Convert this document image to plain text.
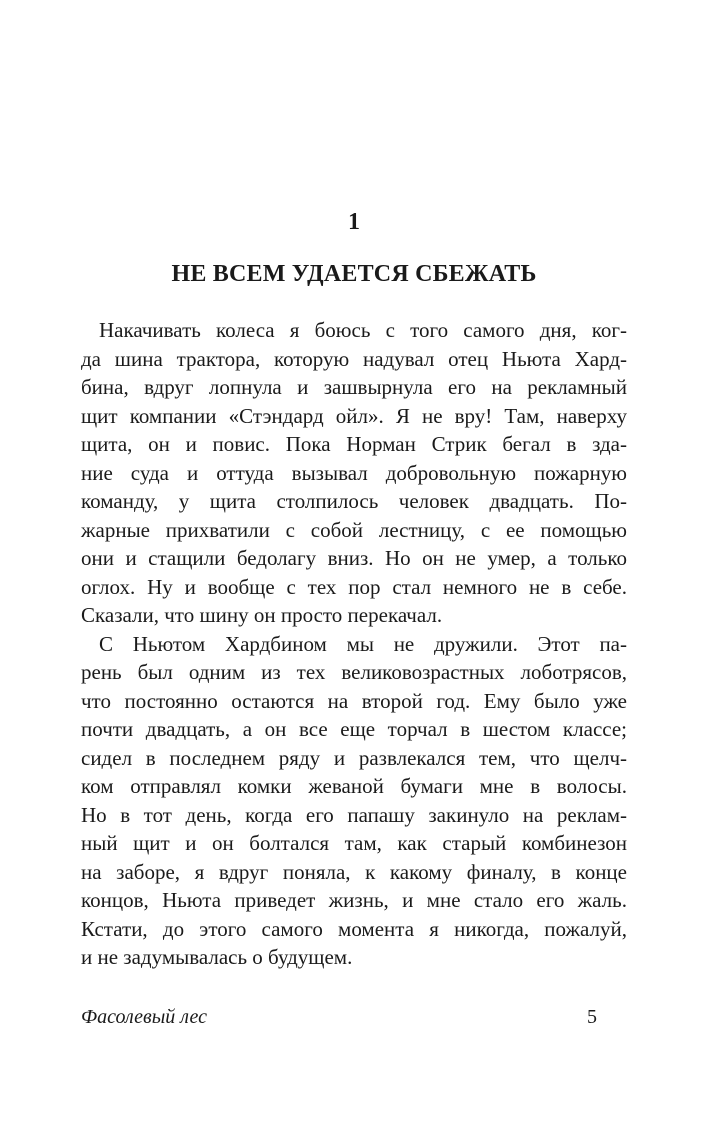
1
НЕ ВСЕМ УДАЕТСЯ СБЕЖАТЬ
Накачивать колеса я боюсь с того самого дня, ког-
да шина трактора, которую надувал отец Ньюта Хард-
бина, вдруг лопнула и зашвырнула его на рекламный
щит компании «Стэндард ойл». Я не вру! Там, наверху
щита, он и повис. Пока Норман Стрик бегал в зда-
ние суда и оттуда вызывал добровольную пожарную
команду, у щита столпилось человек двадцать. По-
жарные прихватили с собой лестницу, с ее помощью
они и стащили бедолагу вниз. Но он не умер, а только
оглох. Ну и вообще с тех пор стал немного не в себе.
Сказали, что шину он просто перекачал.
С Ньютом Хардбином мы не дружили. Этот па-
рень был одним из тех великовозрастных лоботрясов,
что постоянно остаются на второй год. Ему было уже
почти двадцать, а он все еще торчал в шестом классе;
сидел в последнем ряду и развлекался тем, что щелч-
ком отправлял комки жеваной бумаги мне в волосы.
Но в тот день, когда его папашу закинуло на реклам-
ный щит и он болтался там, как старый комбинезон
на заборе, я вдруг поняла, к какому финалу, в конце
концов, Ньюта приведет жизнь, и мне стало его жаль.
Кстати, до этого самого момента я никогда, пожалуй,
и не задумывалась о будущем.
Фасолевый лес	5
